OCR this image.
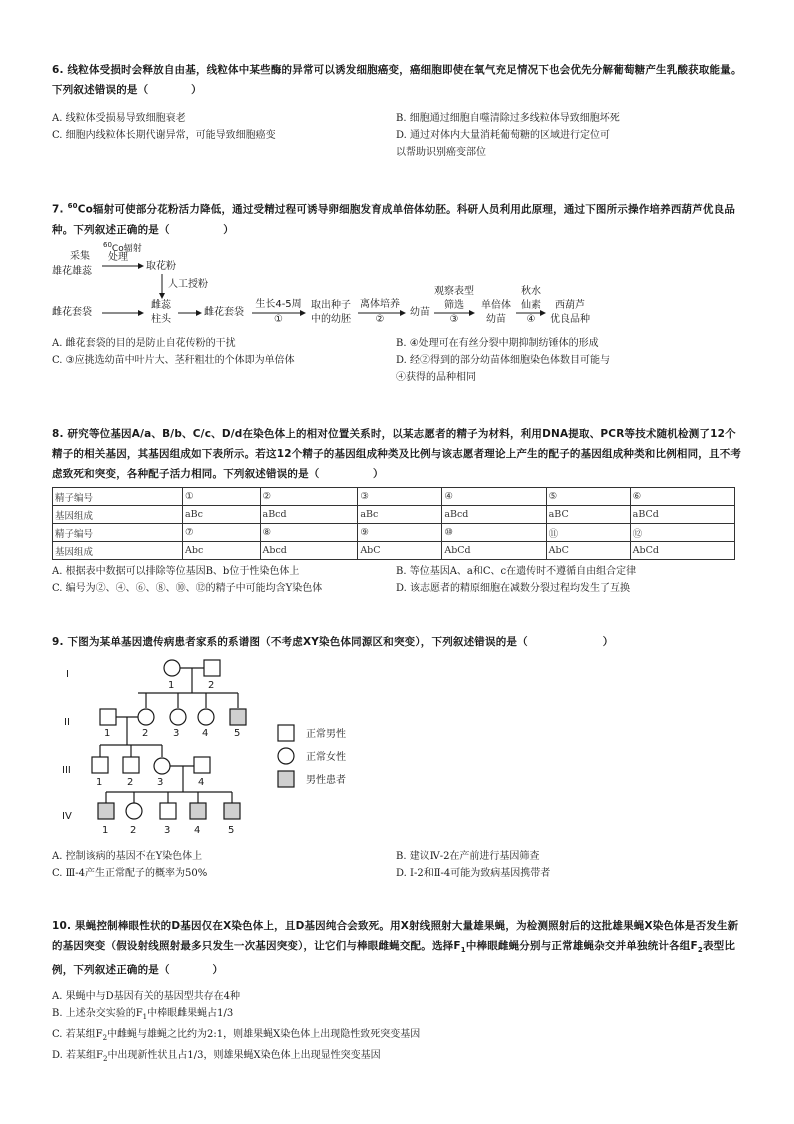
6. 线粒体受损时会释放自由基，线粒体中某些酶的异常可以诱发细胞癌变，癌细胞即使在氧气充足情况下也会优先分解葡萄糖产生乳酸获取能量。下列叙述错误的是（　　　　）
A. 线粒体受损易导致细胞衰老	B. 细胞通过细胞自噬清除过多线粒体导致细胞坏死
C. 细胞内线粒体长期代谢异常，可能导致细胞癌变	D. 通过对体内大量消耗葡萄糖的区域进行定位可以帮助识别癌变部位
7. $^{60}$Co辐射可使部分花粉活力降低，通过受精过程可诱导卵细胞发育成单倍体幼胚。科研人员利用此原理，通过下图所示操作培养西葫芦优良品种。下列叙述正确的是（　　　　　）
采集
雄花雄蕊
$^{60}$Co辐射
处理
取花粉
人工授粉
雌花套袋
雌蕊
柱头
雌花套袋
生长4-5周
①
取出种子
中的幼胚
离体培养
②
幼苗
观察表型
筛选
③
单倍体
幼苗
秋水
仙素
④
西葫芦
优良品种
A. 雌花套袋的目的是防止自花传粉的干扰	B. ④处理可在有丝分裂中期抑制纺锤体的形成
C. ③应挑选幼苗中叶片大、茎秆粗壮的个体即为单倍体	D. 经②得到的部分幼苗体细胞染色体数目可能与④获得的品种相同
8. 研究等位基因A/a、B/b、C/c、D/d在染色体上的相对位置关系时，以某志愿者的精子为材料，利用DNA提取、PCR等技术随机检测了12个精子的相关基因，其基因组成如下表所示。若这12个精子的基因组成种类及比例与该志愿者理论上产生的配子的基因组成种类和比例相同，且不考虑致死和突变，各种配子活力相同。下列叙述错误的是（　　　　　）
精子编号	①	②	③	④	⑤	⑥
基因组成	aBc	aBcd	aBc	aBcd	aBC	aBCd
精子编号	⑦	⑧	⑨	⑩	⑪	⑫
基因组成	Abc	Abcd	AbC	AbCd	AbC	AbCd
A. 根据表中数据可以排除等位基因B、b位于性染色体上	B. 等位基因A、a和C、c在遗传时不遵循自由组合定律
C. 编号为②、④、⑥、⑧、⑩、⑫的精子中可能均含Y染色体	D. 该志愿者的精原细胞在减数分裂过程均发生了互换
9. 下图为某单基因遗传病患者家系的系谱图（不考虑XY染色体同源区和突变），下列叙述错误的是（　　　　　　　）
I
II
III
IV
1	2
1	2 3 4	5
1 2 3	4
1 2	3 4	5
正常男性
正常女性
男性患者
A. 控制该病的基因不在Y染色体上	B. 建议Ⅳ-2在产前进行基因筛查
C. Ⅲ-4产生正常配子的概率为50%	D. Ⅰ-2和Ⅱ-4可能为致病基因携带者
10. 果蝇控制棒眼性状的D基因仅在X染色体上，且D基因纯合会致死。用X射线照射大量雄果蝇，为检测照射后的这批雄果蝇X染色体是否发生新的基因突变（假设射线照射最多只发生一次基因突变），让它们与棒眼雌蝇交配。选择$F_1$中棒眼雌蝇分别与正常雄蝇杂交并单独统计各组$F_2$表型比例，下列叙述正确的是（　　　　）
A. 果蝇中与D基因有关的基因型共存在4种
B. 上述杂交实验的$F_1$中棒眼雌果蝇占1/3
C. 若某组$F_2$中雌蝇与雄蝇之比约为2:1，则雄果蝇X染色体上出现隐性致死突变基因
D. 若某组$F_2$中出现新性状且占1/3，则雄果蝇X染色体上出现显性突变基因
